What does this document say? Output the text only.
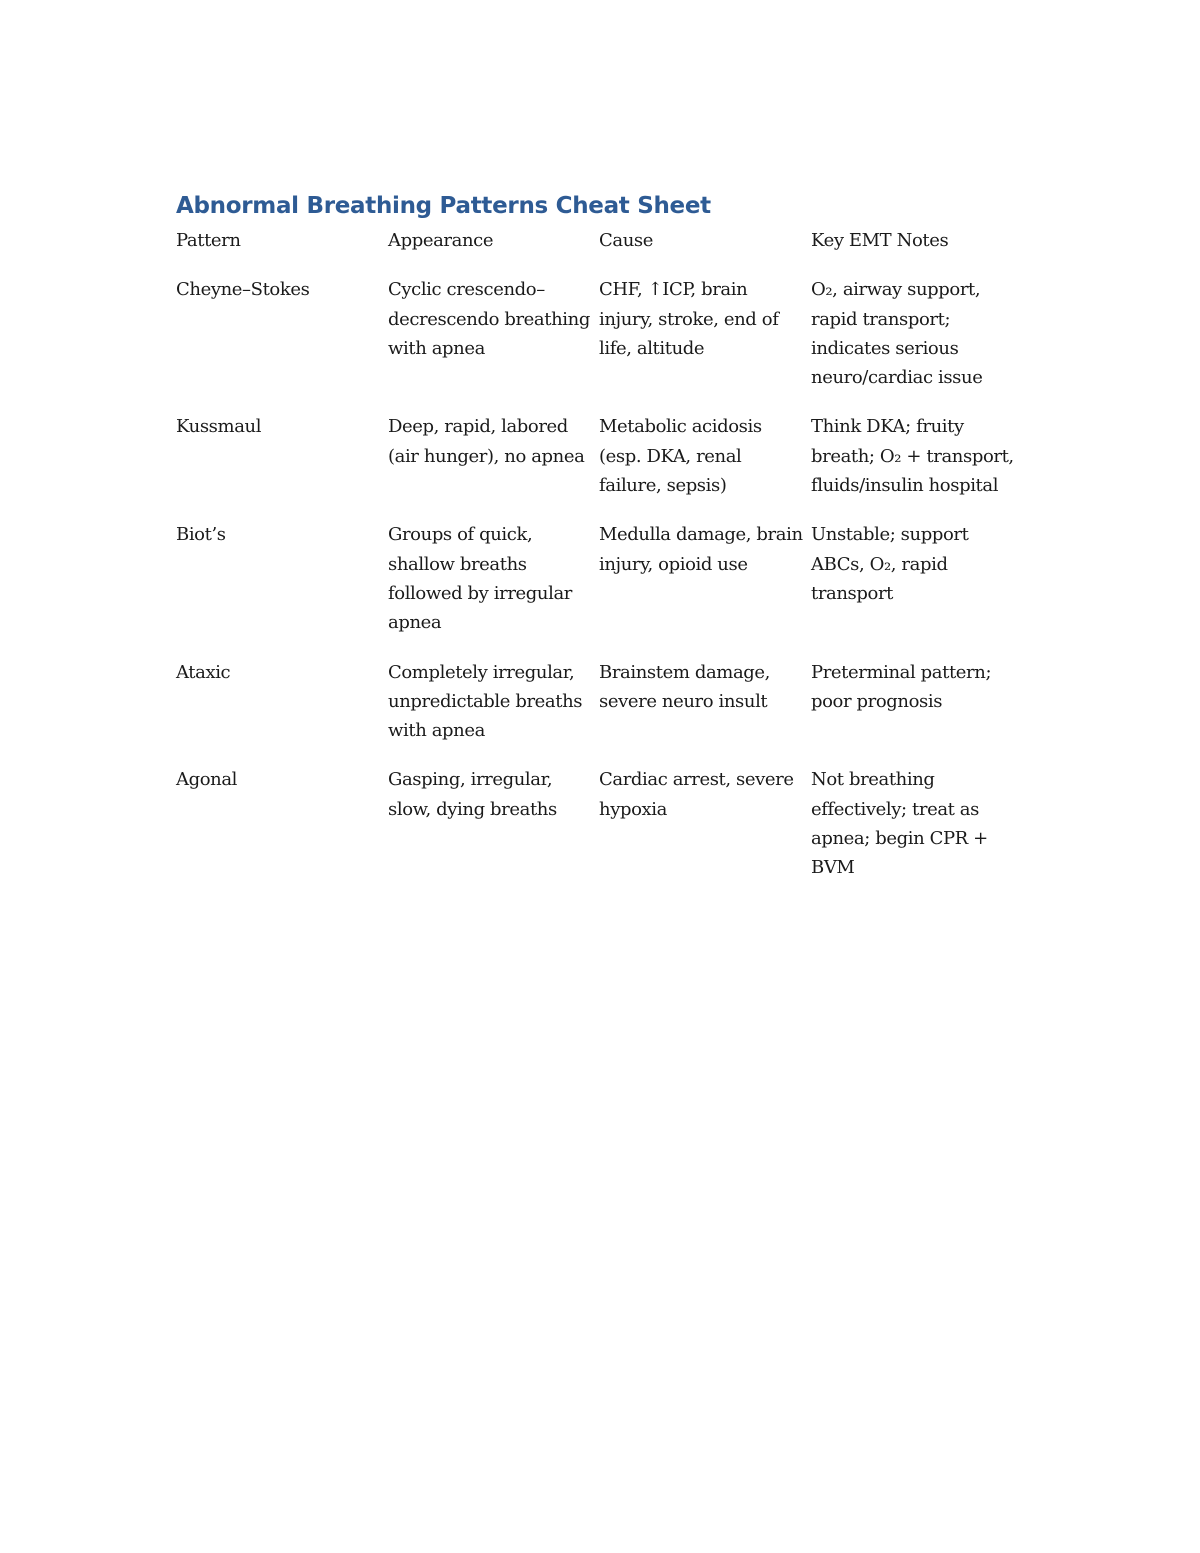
Abnormal Breathing Patterns Cheat Sheet
Pattern	Appearance	Cause	Key EMT Notes
Cheyne–Stokes	Cyclic crescendo–decrescendo breathing with apnea	CHF, ↑ICP, brain injury, stroke, end of life, altitude	O₂, airway support, rapid transport; indicates serious neuro/cardiac issue
Kussmaul	Deep, rapid, labored (air hunger), no apnea	Metabolic acidosis (esp. DKA, renal failure, sepsis)	Think DKA; fruity breath; O₂ + transport, fluids/insulin hospital
Biot’s	Groups of quick, shallow breaths followed by irregular apnea	Medulla damage, brain injury, opioid use	Unstable; support ABCs, O₂, rapid transport
Ataxic	Completely irregular, unpredictable breaths with apnea	Brainstem damage, severe neuro insult	Preterminal pattern; poor prognosis
Agonal	Gasping, irregular, slow, dying breaths	Cardiac arrest, severe hypoxia	Not breathing effectively; treat as apnea; begin CPR + BVM
